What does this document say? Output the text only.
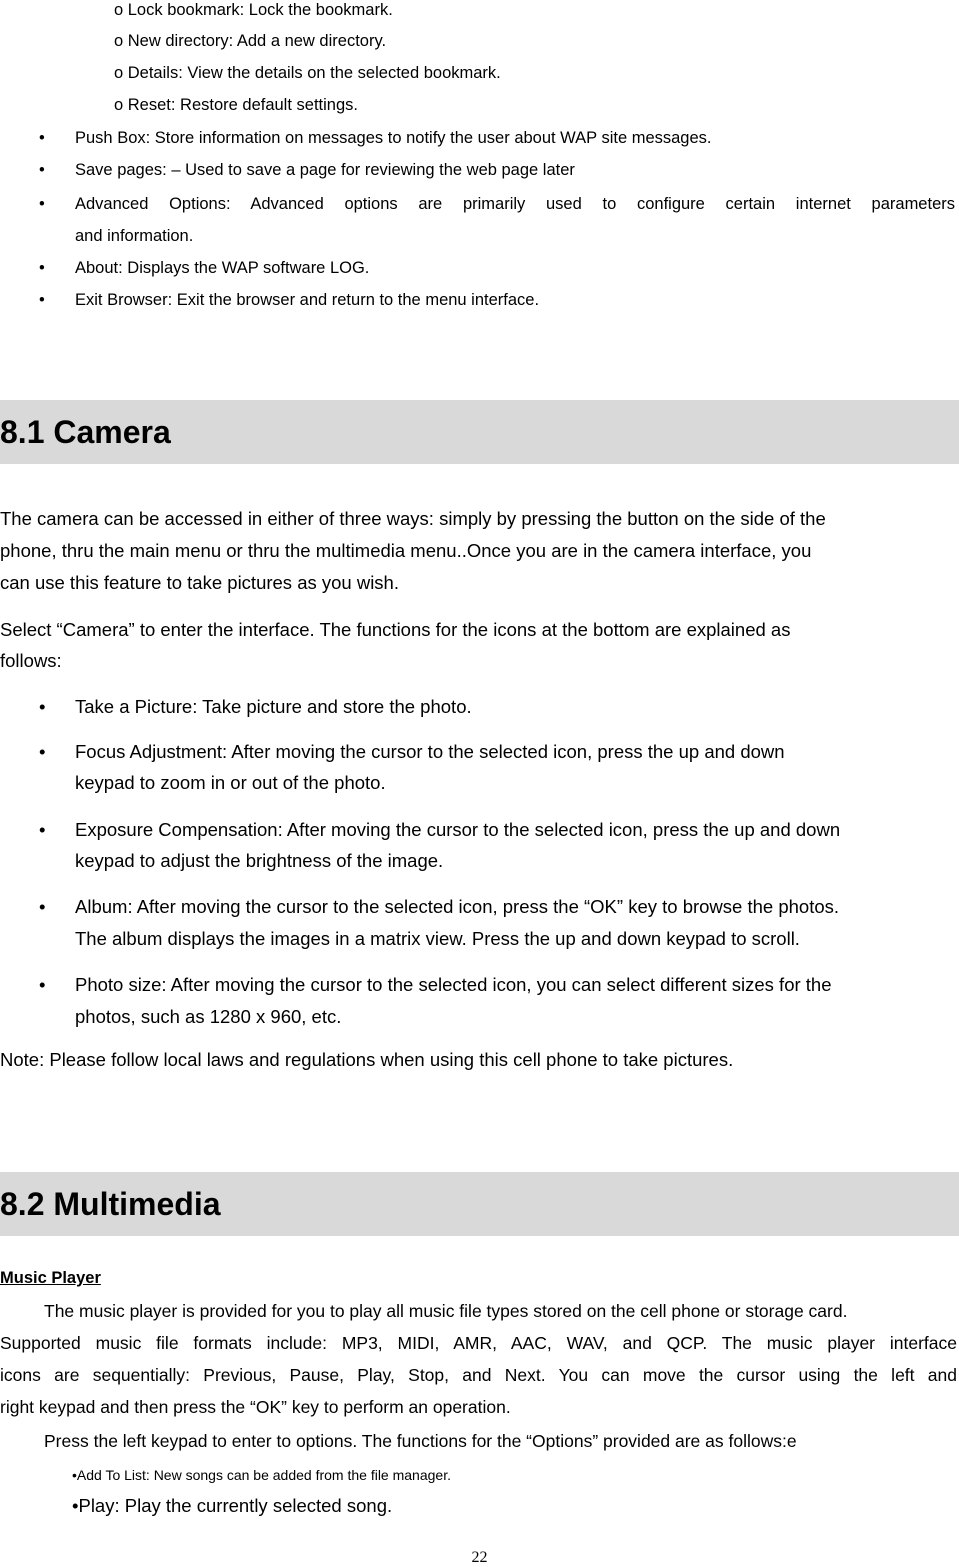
o Lock bookmark: Lock the bookmark.
o New directory: Add a new directory.
o Details: View the details on the selected bookmark.
o Reset: Restore default settings.
• Push Box: Store information on messages to notify the user about WAP site messages.
• Save pages: – Used to save a page for reviewing the web page later
• Advanced Options: Advanced options are primarily used to configure certain internet parameters
and information.
• About: Displays the WAP software LOG.
• Exit Browser: Exit the browser and return to the menu interface.
8.1 Camera
The camera can be accessed in either of three ways: simply by pressing the button on the side of the
phone, thru the main menu or thru the multimedia menu..Once you are in the camera interface, you
can use this feature to take pictures as you wish.
Select “Camera” to enter the interface. The functions for the icons at the bottom are explained as
follows:
• Take a Picture: Take picture and store the photo.
• Focus Adjustment: After moving the cursor to the selected icon, press the up and down
keypad to zoom in or out of the photo.
• Exposure Compensation: After moving the cursor to the selected icon, press the up and down
keypad to adjust the brightness of the image.
• Album: After moving the cursor to the selected icon, press the “OK” key to browse the photos.
The album displays the images in a matrix view. Press the up and down keypad to scroll.
• Photo size: After moving the cursor to the selected icon, you can select different sizes for the
photos, such as 1280 x 960, etc.
Note: Please follow local laws and regulations when using this cell phone to take pictures.
8.2 Multimedia
Music Player
The music player is provided for you to play all music file types stored on the cell phone or storage card.
Supported music file formats include: MP3, MIDI, AMR, AAC, WAV, and QCP. The music player interface
icons are sequentially: Previous, Pause, Play, Stop, and Next. You can move the cursor using the left and
right keypad and then press the “OK” key to perform an operation.
Press the left keypad to enter to options. The functions for the “Options” provided are as follows:e
•Add To List: New songs can be added from the file manager.
•Play: Play the currently selected song.
22
